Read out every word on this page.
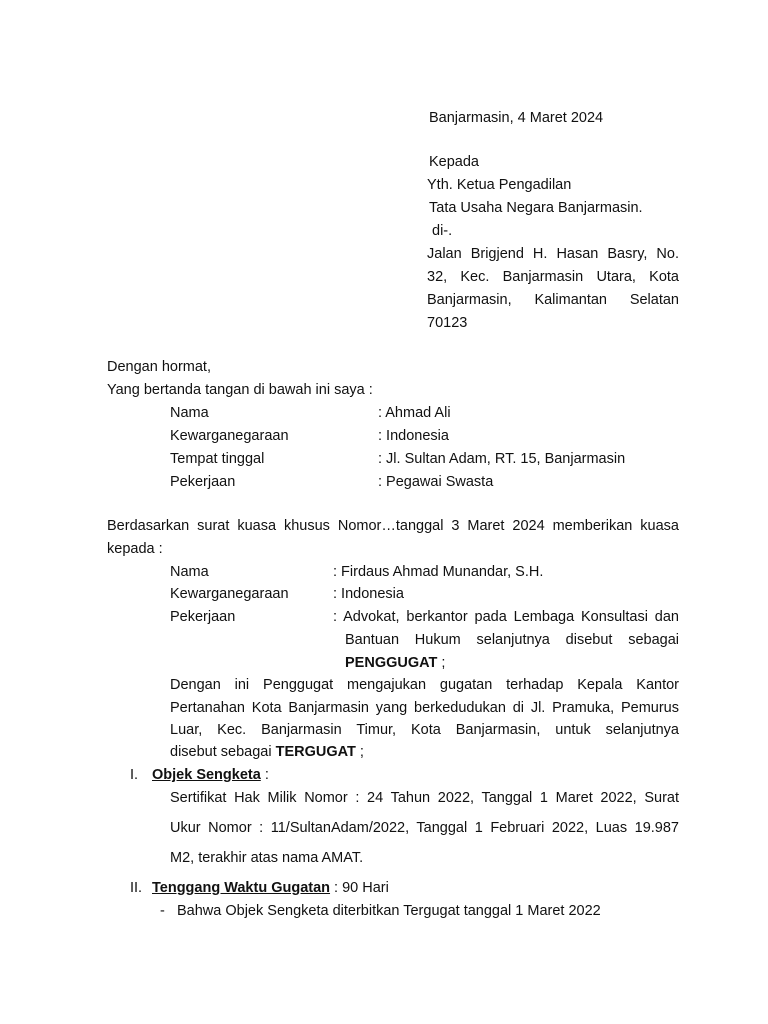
Banjarmasin, 4 Maret 2024
Kepada
Yth. Ketua Pengadilan
Tata Usaha Negara Banjarmasin.
di-.
Jalan Brigjend H. Hasan Basry, No.
32, Kec. Banjarmasin Utara, Kota
Banjarmasin, Kalimantan Selatan
70123
Dengan hormat,
Yang bertanda tangan di bawah ini saya :
Nama	: Ahmad Ali
Kewarganegaraan	: Indonesia
Tempat tinggal	: Jl. Sultan Adam, RT. 15, Banjarmasin
Pekerjaan	: Pegawai Swasta
Berdasarkan surat kuasa khusus Nomor…tanggal 3 Maret 2024 memberikan kuasa
kepada :
Nama	: Firdaus Ahmad Munandar, S.H.
Kewarganegaraan	: Indonesia
Pekerjaan	: Advokat, berkantor pada Lembaga Konsultasi dan
Bantuan Hukum selanjutnya disebut sebagai
PENGGUGAT ;
Dengan ini Penggugat mengajukan gugatan terhadap Kepala Kantor
Pertanahan Kota Banjarmasin yang berkedudukan di Jl. Pramuka, Pemurus
Luar, Kec. Banjarmasin Timur, Kota Banjarmasin, untuk selanjutnya
disebut sebagai TERGUGAT ;
I. Objek Sengketa :
Sertifikat Hak Milik Nomor : 24 Tahun 2022, Tanggal 1 Maret 2022, Surat
Ukur Nomor : 11/SultanAdam/2022, Tanggal 1 Februari 2022, Luas 19.987
M2, terakhir atas nama AMAT.
II. Tenggang Waktu Gugatan : 90 Hari
- Bahwa Objek Sengketa diterbitkan Tergugat tanggal 1 Maret 2022
